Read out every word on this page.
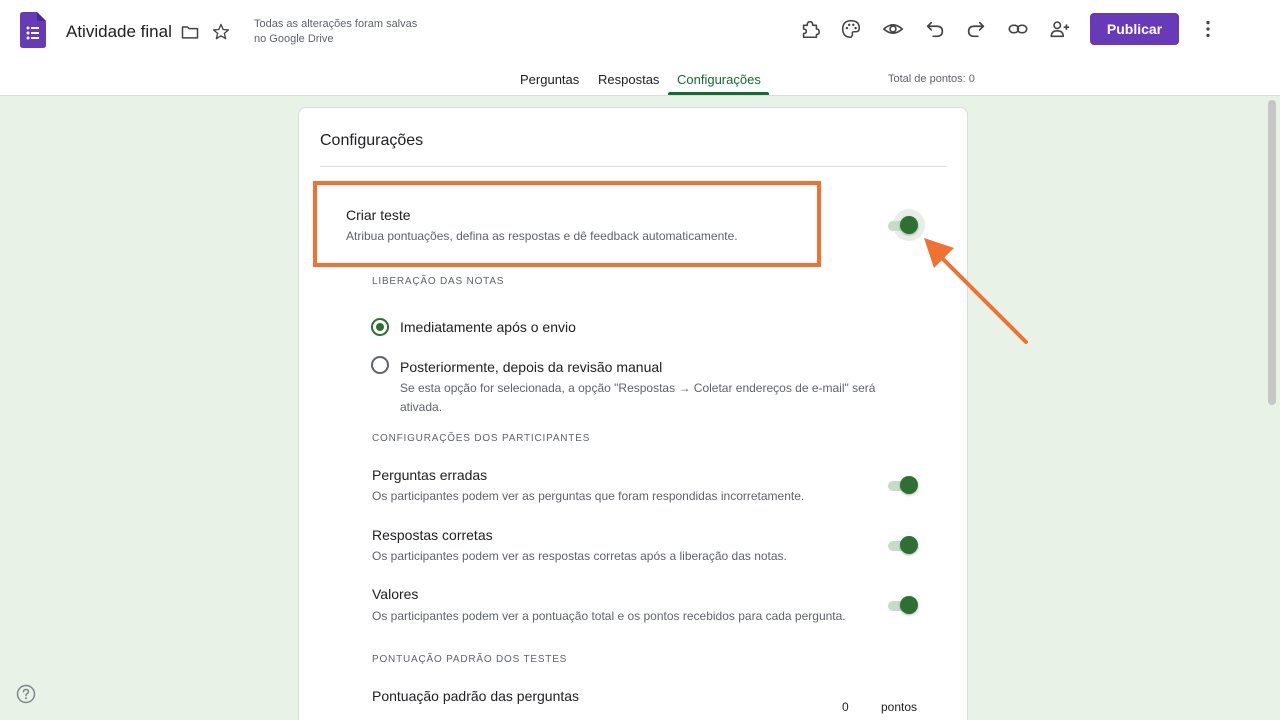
Atividade final	Todas as alterações foram salvas no Google Drive
Publicar
Perguntas Respostas Configurações	Total de pontos: 0
Configurações
Criar teste
Atribua pontuações, defina as respostas e dê feedback automaticamente.
LIBERAÇÃO DAS NOTAS
Imediatamente após o envio
Posteriormente, depois da revisão manual
Se esta opção for selecionada, a opção "Respostas → Coletar endereços de e-mail" será ativada.
CONFIGURAÇÕES DOS PARTICIPANTES
Perguntas erradas
Os participantes podem ver as perguntas que foram respondidas incorretamente.
Respostas corretas
Os participantes podem ver as respostas corretas após a liberação das notas.
Valores
Os participantes podem ver a pontuação total e os pontos recebidos para cada pergunta.
PONTUAÇÃO PADRÃO DOS TESTES
Pontuação padrão das perguntas
0	pontos
